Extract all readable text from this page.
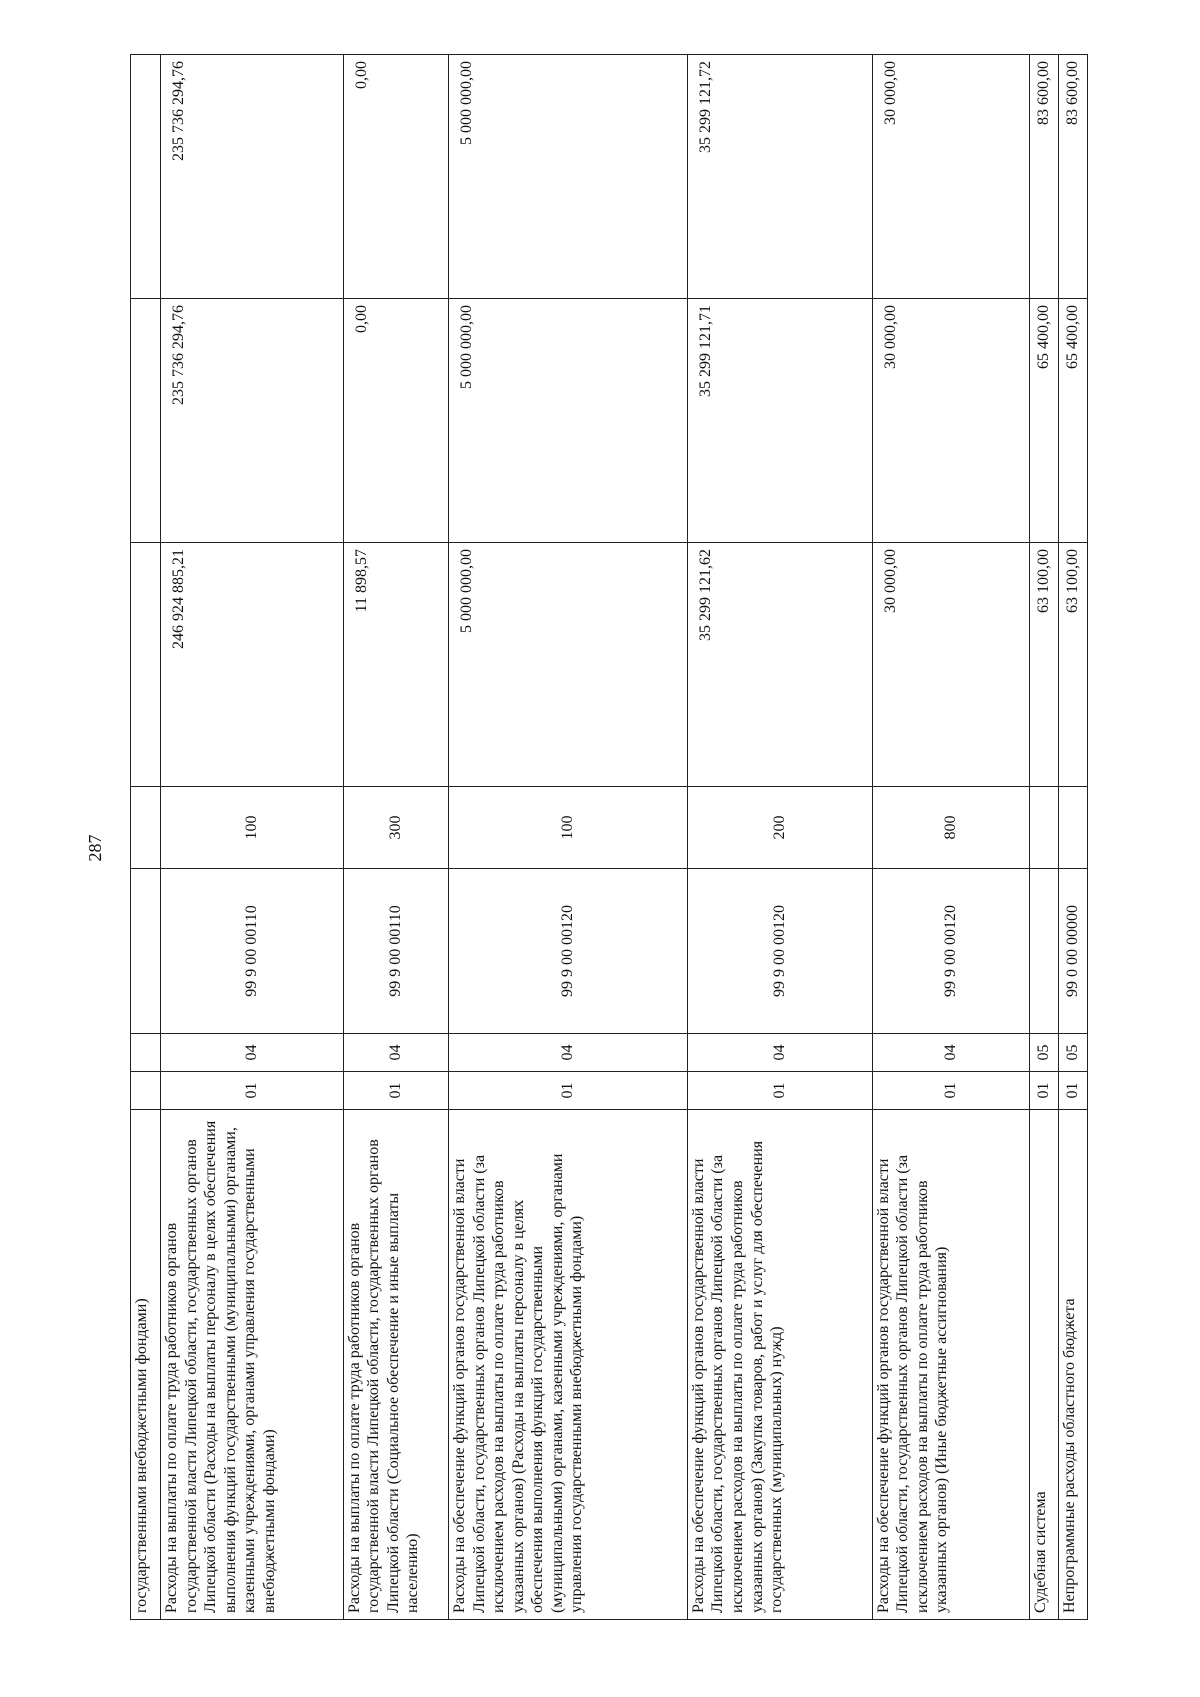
287
государственными внебюджетными фондами)							
Расходы на выплаты по оплате труда работников органов государственной власти Липецкой области, государственных органов Липецкой области (Расходы на выплаты персоналу в целях обеспечения выполнения функций государственными (муниципальными) органами, казенными учреждениями, органами управления государственными внебюджетными фондами)	01	04	99 9 00 00110	100	246 924 885,21	235 736 294,76	235 736 294,76
Расходы на выплаты по оплате труда работников органов государственной власти Липецкой области, государственных органов Липецкой области (Социальное обеспечение и иные выплаты населению)	01	04	99 9 00 00110	300	11 898,57	0,00	0,00
Расходы на обеспечение функций органов государственной власти Липецкой области, государственных органов Липецкой области (за исключением расходов на выплаты по оплате труда работников указанных органов) (Расходы на выплаты персоналу в целях обеспечения выполнения функций государственными (муниципальными) органами, казенными учреждениями, органами управления государственными внебюджетными фондами)	01	04	99 9 00 00120	100	5 000 000,00	5 000 000,00	5 000 000,00
Расходы на обеспечение функций органов государственной власти Липецкой области, государственных органов Липецкой области (за исключением расходов на выплаты по оплате труда работников указанных органов) (Закупка товаров, работ и услуг для обеспечения государственных (муниципальных) нужд)	01	04	99 9 00 00120	200	35 299 121,62	35 299 121,71	35 299 121,72
Расходы на обеспечение функций органов государственной власти Липецкой области, государственных органов Липецкой области (за исключением расходов на выплаты по оплате труда работников указанных органов) (Иные бюджетные ассигнования)	01	04	99 9 00 00120	800	30 000,00	30 000,00	30 000,00
Судебная система	01	05			63 100,00	65 400,00	83 600,00
Непрограммные расходы областного бюджета	01	05	99 0 00 00000		63 100,00	65 400,00	83 600,00
